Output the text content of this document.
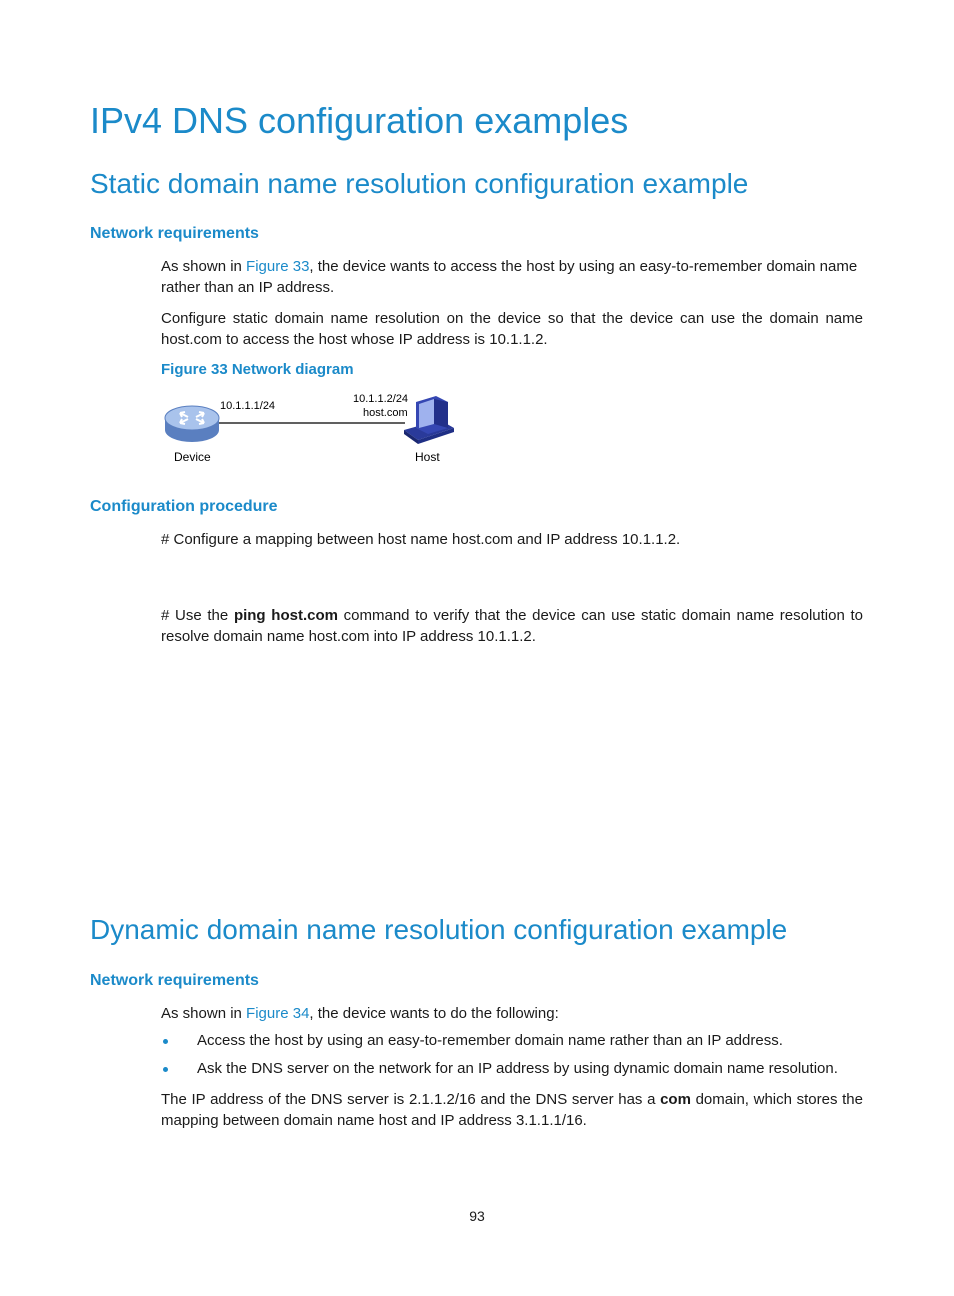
IPv4 DNS configuration examples
Static domain name resolution configuration example
Network requirements
As shown in Figure 33, the device wants to access the host by using an easy-to-remember domain name rather than an IP address.
Configure static domain name resolution on the device so that the device can use the domain name host.com to access the host whose IP address is 10.1.1.2.
Figure 33 Network diagram
10.1.1.1/24
10.1.1.2/24
host.com
Device	Host
Configuration procedure
# Configure a mapping between host name host.com and IP address 10.1.1.2.
# Use the ping host.com command to verify that the device can use static domain name resolution to resolve domain name host.com into IP address 10.1.1.2.
Dynamic domain name resolution configuration example
Network requirements
As shown in Figure 34, the device wants to do the following:
Access the host by using an easy-to-remember domain name rather than an IP address.
Ask the DNS server on the network for an IP address by using dynamic domain name resolution.
The IP address of the DNS server is 2.1.1.2/16 and the DNS server has a com domain, which stores the mapping between domain name host and IP address 3.1.1.1/16.
93
